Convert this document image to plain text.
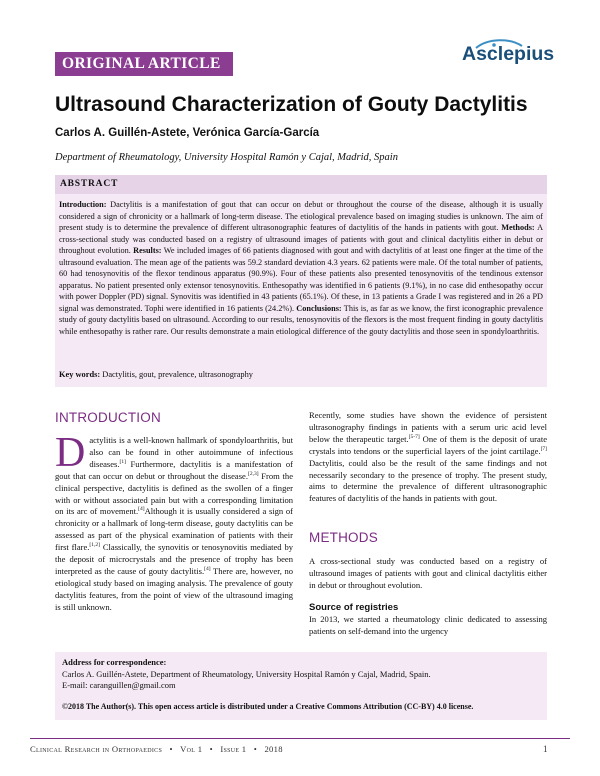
ORIGINAL ARTICLE	Asclepius
Ultrasound Characterization of Gouty Dactylitis
Carlos A. Guillén-Astete, Verónica García-García
Department of Rheumatology, University Hospital Ramón y Cajal, Madrid, Spain
ABSTRACT
Introduction: Dactylitis is a manifestation of gout that can occur on debut or throughout the course of the disease, although it is usually considered a sign of chronicity or a hallmark of long-term disease. The etiological prevalence based on imaging studies is unknown. The aim of present study is to determine the prevalence of different ultrasonographic features of dactylitis of the hands in patients with gout. Methods: A cross-sectional study was conducted based on a registry of ultrasound images of patients with gout and clinical dactylitis either in debut or throughout evolution. Results: We included images of 66 patients diagnosed with gout and with dactylitis of at least one finger at the time of the ultrasound evaluation. The mean age of the patients was 59.2 standard deviation 4.3 years. 62 patients were male. Of the total number of patients, 60 had tenosynovitis of the flexor tendinous apparatus (90.9%). Four of these patients also presented tenosynovitis of the tendinous extensor apparatus. No patient presented only extensor tenosynovitis. Enthesopathy was identified in 6 patients (9.1%), in no case did enthesopathy occur with power Doppler (PD) signal. Synovitis was identified in 43 patients (65.1%). Of these, in 13 patients a Grade I was registered and in 26 a PD signal was demonstrated. Tophi were identified in 16 patients (24.2%). Conclusions: This is, as far as we know, the first iconographic prevalence study of gouty dactylitis based on ultrasound. According to our results, tenosynovitis of the flexors is the most frequent finding in gouty dactylitis while enthesopathy is rather rare. Our results demonstrate a main etiological difference of the gouty dactylitis and those seen in spondyloarthritis.
Key words: Dactylitis, gout, prevalence, ultrasonography
INTRODUCTION
Dactylitis is a well-known hallmark of spondyloarthritis, but also can be found in other autoimmune of infectious diseases.[1] Furthermore, dactylitis is a manifestation of gout that can occur on debut or throughout the disease.[2,3] From the clinical perspective, dactylitis is defined as the swollen of a finger with or without associated pain but with a corresponding limitation on its arc of movement.[4]Although it is usually considered a sign of chronicity or a hallmark of long-term disease, gouty dactylitis can be assessed as part of the physical examination of patients with their first flare.[1,2] Classically, the synovitis or tenosynovitis mediated by the deposit of microcrystals and the presence of trophy has been interpreted as the cause of gouty dactylitis.[4] There are, however, no etiological study based on imaging analysis. The prevalence of gouty dactylitis features, from the point of view of the ultrasound imaging is still unknown.
Recently, some studies have shown the evidence of persistent ultrasonography findings in patients with a serum uric acid level below the therapeutic target.[5-7] One of them is the deposit of urate crystals into tendons or the superficial layers of the joint cartilage.[7] Dactylitis, could also be the result of the same findings and not necessarily secondary to the presence of trophy. The present study, aims to determine the prevalence of different ultrasonographic features of dactylitis of the hands in patients with gout.
METHODS
A cross-sectional study was conducted based on a registry of ultrasound images of patients with gout and clinical dactylitis either in debut or throughout evolution.
Source of registries
In 2013, we started a rheumatology clinic dedicated to assessing patients on self-demand into the urgency
Address for correspondence:
Carlos A. Guillén-Astete, Department of Rheumatology, University Hospital Ramón y Cajal, Madrid, Spain.
E-mail: caranguillen@gmail.com
©2018 The Author(s). This open access article is distributed under a Creative Commons Attribution (CC-BY) 4.0 license.
Clinical Research in Orthopaedics • Vol 1 • Issue 1 • 2018	1
